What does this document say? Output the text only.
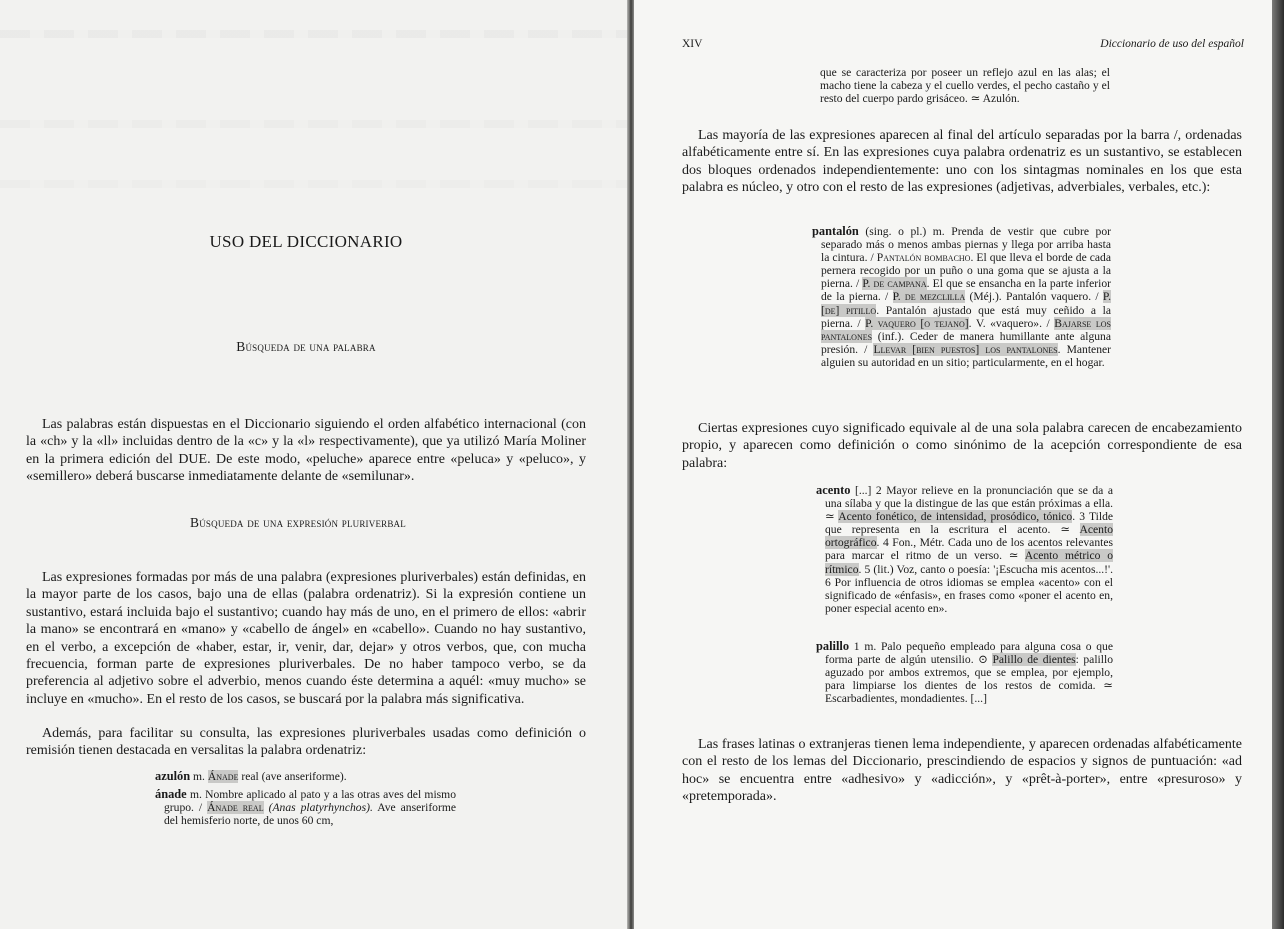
USO DEL DICCIONARIO
Búsqueda de una palabra

Las palabras están dispuestas en el Diccionario siguiendo el orden alfabético internacional (con la «ch» y la «ll» incluidas dentro de la «c» y la «l» respectivamente), que ya utilizó María Moliner en la primera edición del DUE. De este modo, «peluche» aparece entre «peluca» y «peluco», y «semillero» deberá buscarse inmediatamente delante de «semilunar».

Búsqueda de una expresión pluriverbal

Las expresiones formadas por más de una palabra (expresiones pluriverbales) están definidas, en la mayor parte de los casos, bajo una de ellas (palabra ordenatriz). Si la expresión contiene un sustantivo, estará incluida bajo el sustantivo; cuando hay más de uno, en el primero de ellos: «abrir la mano» se encontrará en «mano» y «cabello de ángel» en «cabello». Cuando no hay sustantivo, en el verbo, a excepción de «haber, estar, ir, venir, dar, dejar» y otros verbos, que, con mucha frecuencia, forman parte de expresiones pluriverbales. De no haber tampoco verbo, se da preferencia al adjetivo sobre el adverbio, menos cuando éste determina a aquél: «muy mucho» se incluye en «mucho». En el resto de los casos, se buscará por la palabra más significativa.

Además, para facilitar su consulta, las expresiones pluriverbales usadas como definición o remisión tienen destacada en versalitas la palabra ordenatriz:

azulón m. Ánade real (ave anseriforme).

ánade m. Nombre aplicado al pato y a las otras aves del mismo grupo. / Ánade real (Anas platyrhynchos). Ave anseriforme del hemisferio norte, de unos 60 cm,

XIV	Diccionario de uso del español

que se caracteriza por poseer un reflejo azul en las alas; el macho tiene la cabeza y el cuello verdes, el pecho castaño y el resto del cuerpo pardo grisáceo. ≃ Azulón.

Las mayoría de las expresiones aparecen al final del artículo separadas por la barra /, ordenadas alfabéticamente entre sí. En las expresiones cuya palabra ordenatriz es un sustantivo, se establecen dos bloques ordenados independientemente: uno con los sintagmas nominales en los que esta palabra es núcleo, y otro con el resto de las expresiones (adjetivas, adverbiales, verbales, etc.):

pantalón (sing. o pl.) m. Prenda de vestir que cubre por separado más o menos ambas piernas y llega por arriba hasta la cintura. / Pantalón bombacho. El que lleva el borde de cada pernera recogido por un puño o una goma que se ajusta a la pierna. / P. de campana. El que se ensancha en la parte inferior de la pierna. / P. de mezclilla (Méj.). Pantalón vaquero. / P. [de] pitillo. Pantalón ajustado que está muy ceñido a la pierna. / P. vaquero [o tejano]. V. «vaquero». / Bajarse los pantalones (inf.). Ceder de manera humillante ante alguna presión. / Llevar [bien puestos] los pantalones. Mantener alguien su autoridad en un sitio; particularmente, en el hogar.

Ciertas expresiones cuyo significado equivale al de una sola palabra carecen de encabezamiento propio, y aparecen como definición o como sinónimo de la acepción correspondiente de esa palabra:

acento [...] 2 Mayor relieve en la pronunciación que se da a una sílaba y que la distingue de las que están próximas a ella. ≃ Acento fonético, de intensidad, prosódico, tónico. 3 Tilde que representa en la escritura el acento. ≃ Acento ortográfico. 4 Fon., Métr. Cada uno de los acentos relevantes para marcar el ritmo de un verso. ≃ Acento métrico o rítmico. 5 (lit.) Voz, canto o poesía: '¡Escucha mis acentos...!'. 6 Por influencia de otros idiomas se emplea «acento» con el significado de «énfasis», en frases como «poner el acento en, poner especial acento en».

palillo 1 m. Palo pequeño empleado para alguna cosa o que forma parte de algún utensilio. ⊙ Palillo de dientes: palillo aguzado por ambos extremos, que se emplea, por ejemplo, para limpiarse los dientes de los restos de comida. ≃ Escarbadientes, mondadientes. [...]

Las frases latinas o extranjeras tienen lema independiente, y aparecen ordenadas alfabéticamente con el resto de los lemas del Diccionario, prescindiendo de espacios y signos de puntuación: «ad hoc» se encuentra entre «adhesivo» y «adicción», y «prêt-à-porter», entre «presuroso» y «pretemporada».
